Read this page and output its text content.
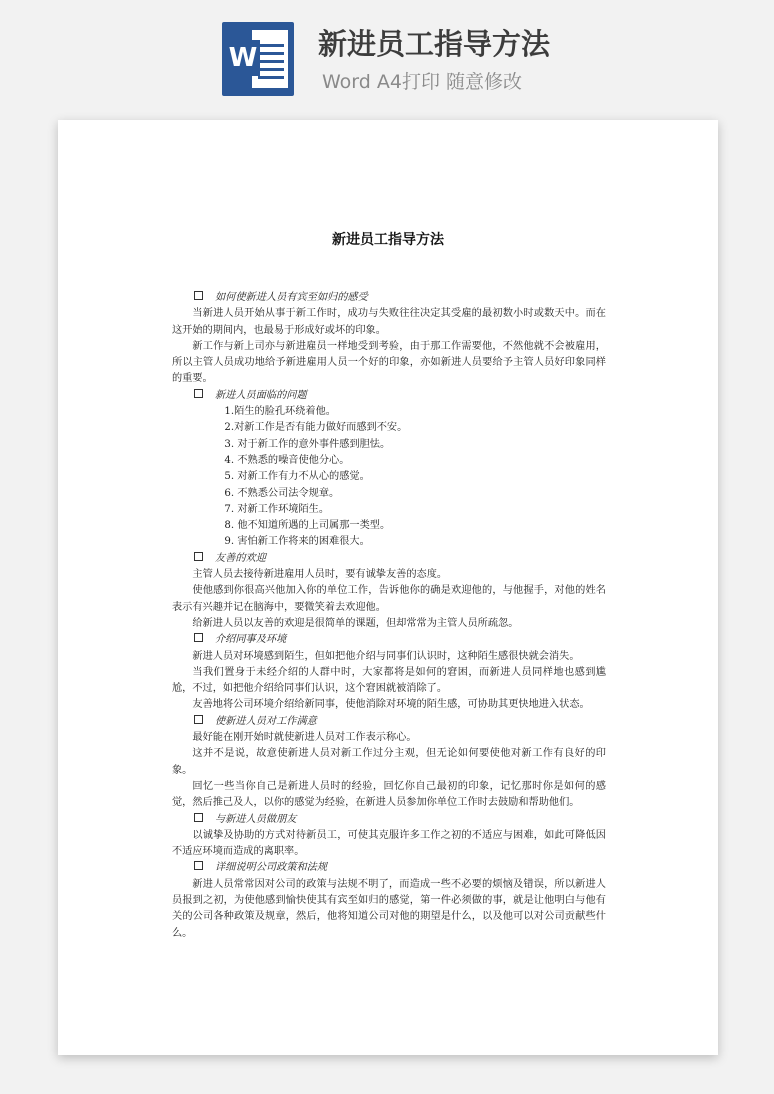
W 新进员工指导方法
Word A4打印 随意修改
新进员工指导方法
如何使新进人员有宾至如归的感受

当新进人员开始从事于新工作时，成功与失败往往决定其受雇的最初数小时或数天中。而在这开始的期间内，也最易于形成好或坏的印象。

新工作与新上司亦与新进雇员一样地受到考验，由于那工作需要他，不然他就不会被雇用，所以主管人员成功地给予新进雇用人员一个好的印象，亦如新进人员要给予主管人员好印象同样的重要。

新进人员面临的问题

1.陌生的脸孔环绕着他。

2.对新工作是否有能力做好而感到不安。

3. 对于新工作的意外事件感到胆怯。

4. 不熟悉的噪音使他分心。

5. 对新工作有力不从心的感觉。

6. 不熟悉公司法令规章。

7. 对新工作环境陌生。

8. 他不知道所遇的上司属那一类型。

9. 害怕新工作将来的困难很大。

友善的欢迎

主管人员去接待新进雇用人员时，要有诚挚友善的态度。

使他感到你很高兴他加入你的单位工作，告诉他你的确是欢迎他的，与他握手，对他的姓名表示有兴趣并记在脑海中，要微笑着去欢迎他。

给新进人员以友善的欢迎是很简单的课题，但却常常为主管人员所疏忽。

介绍同事及环境

新进人员对环境感到陌生，但如把他介绍与同事们认识时，这种陌生感很快就会消失。

当我们置身于未经介绍的人群中时，大家都将是如何的窘困，而新进人员同样地也感到尴尬，不过，如把他介绍给同事们认识，这个窘困就被消除了。

友善地将公司环境介绍给新同事，使他消除对环境的陌生感，可协助其更快地进入状态。

使新进人员对工作满意

最好能在刚开始时就使新进人员对工作表示称心。

这并不是说，故意使新进人员对新工作过分主观，但无论如何要使他对新工作有良好的印象。

回忆一些当你自己是新进人员时的经验，回忆你自己最初的印象，记忆那时你是如何的感觉，然后推己及人，以你的感觉为经验，在新进人员参加你单位工作时去鼓励和帮助他们。

与新进人员做朋友

以诚挚及协助的方式对待新员工，可使其克服许多工作之初的不适应与困难，如此可降低因不适应环境而造成的离职率。

详细说明公司政策和法规

新进人员常常因对公司的政策与法规不明了，而造成一些不必要的烦恼及错误，所以新进人员报到之初，为使他感到愉快使其有宾至如归的感觉，第一件必须做的事，就是让他明白与他有关的公司各种政策及规章，然后，他将知道公司对他的期望是什么，以及他可以对公司贡献些什么。
